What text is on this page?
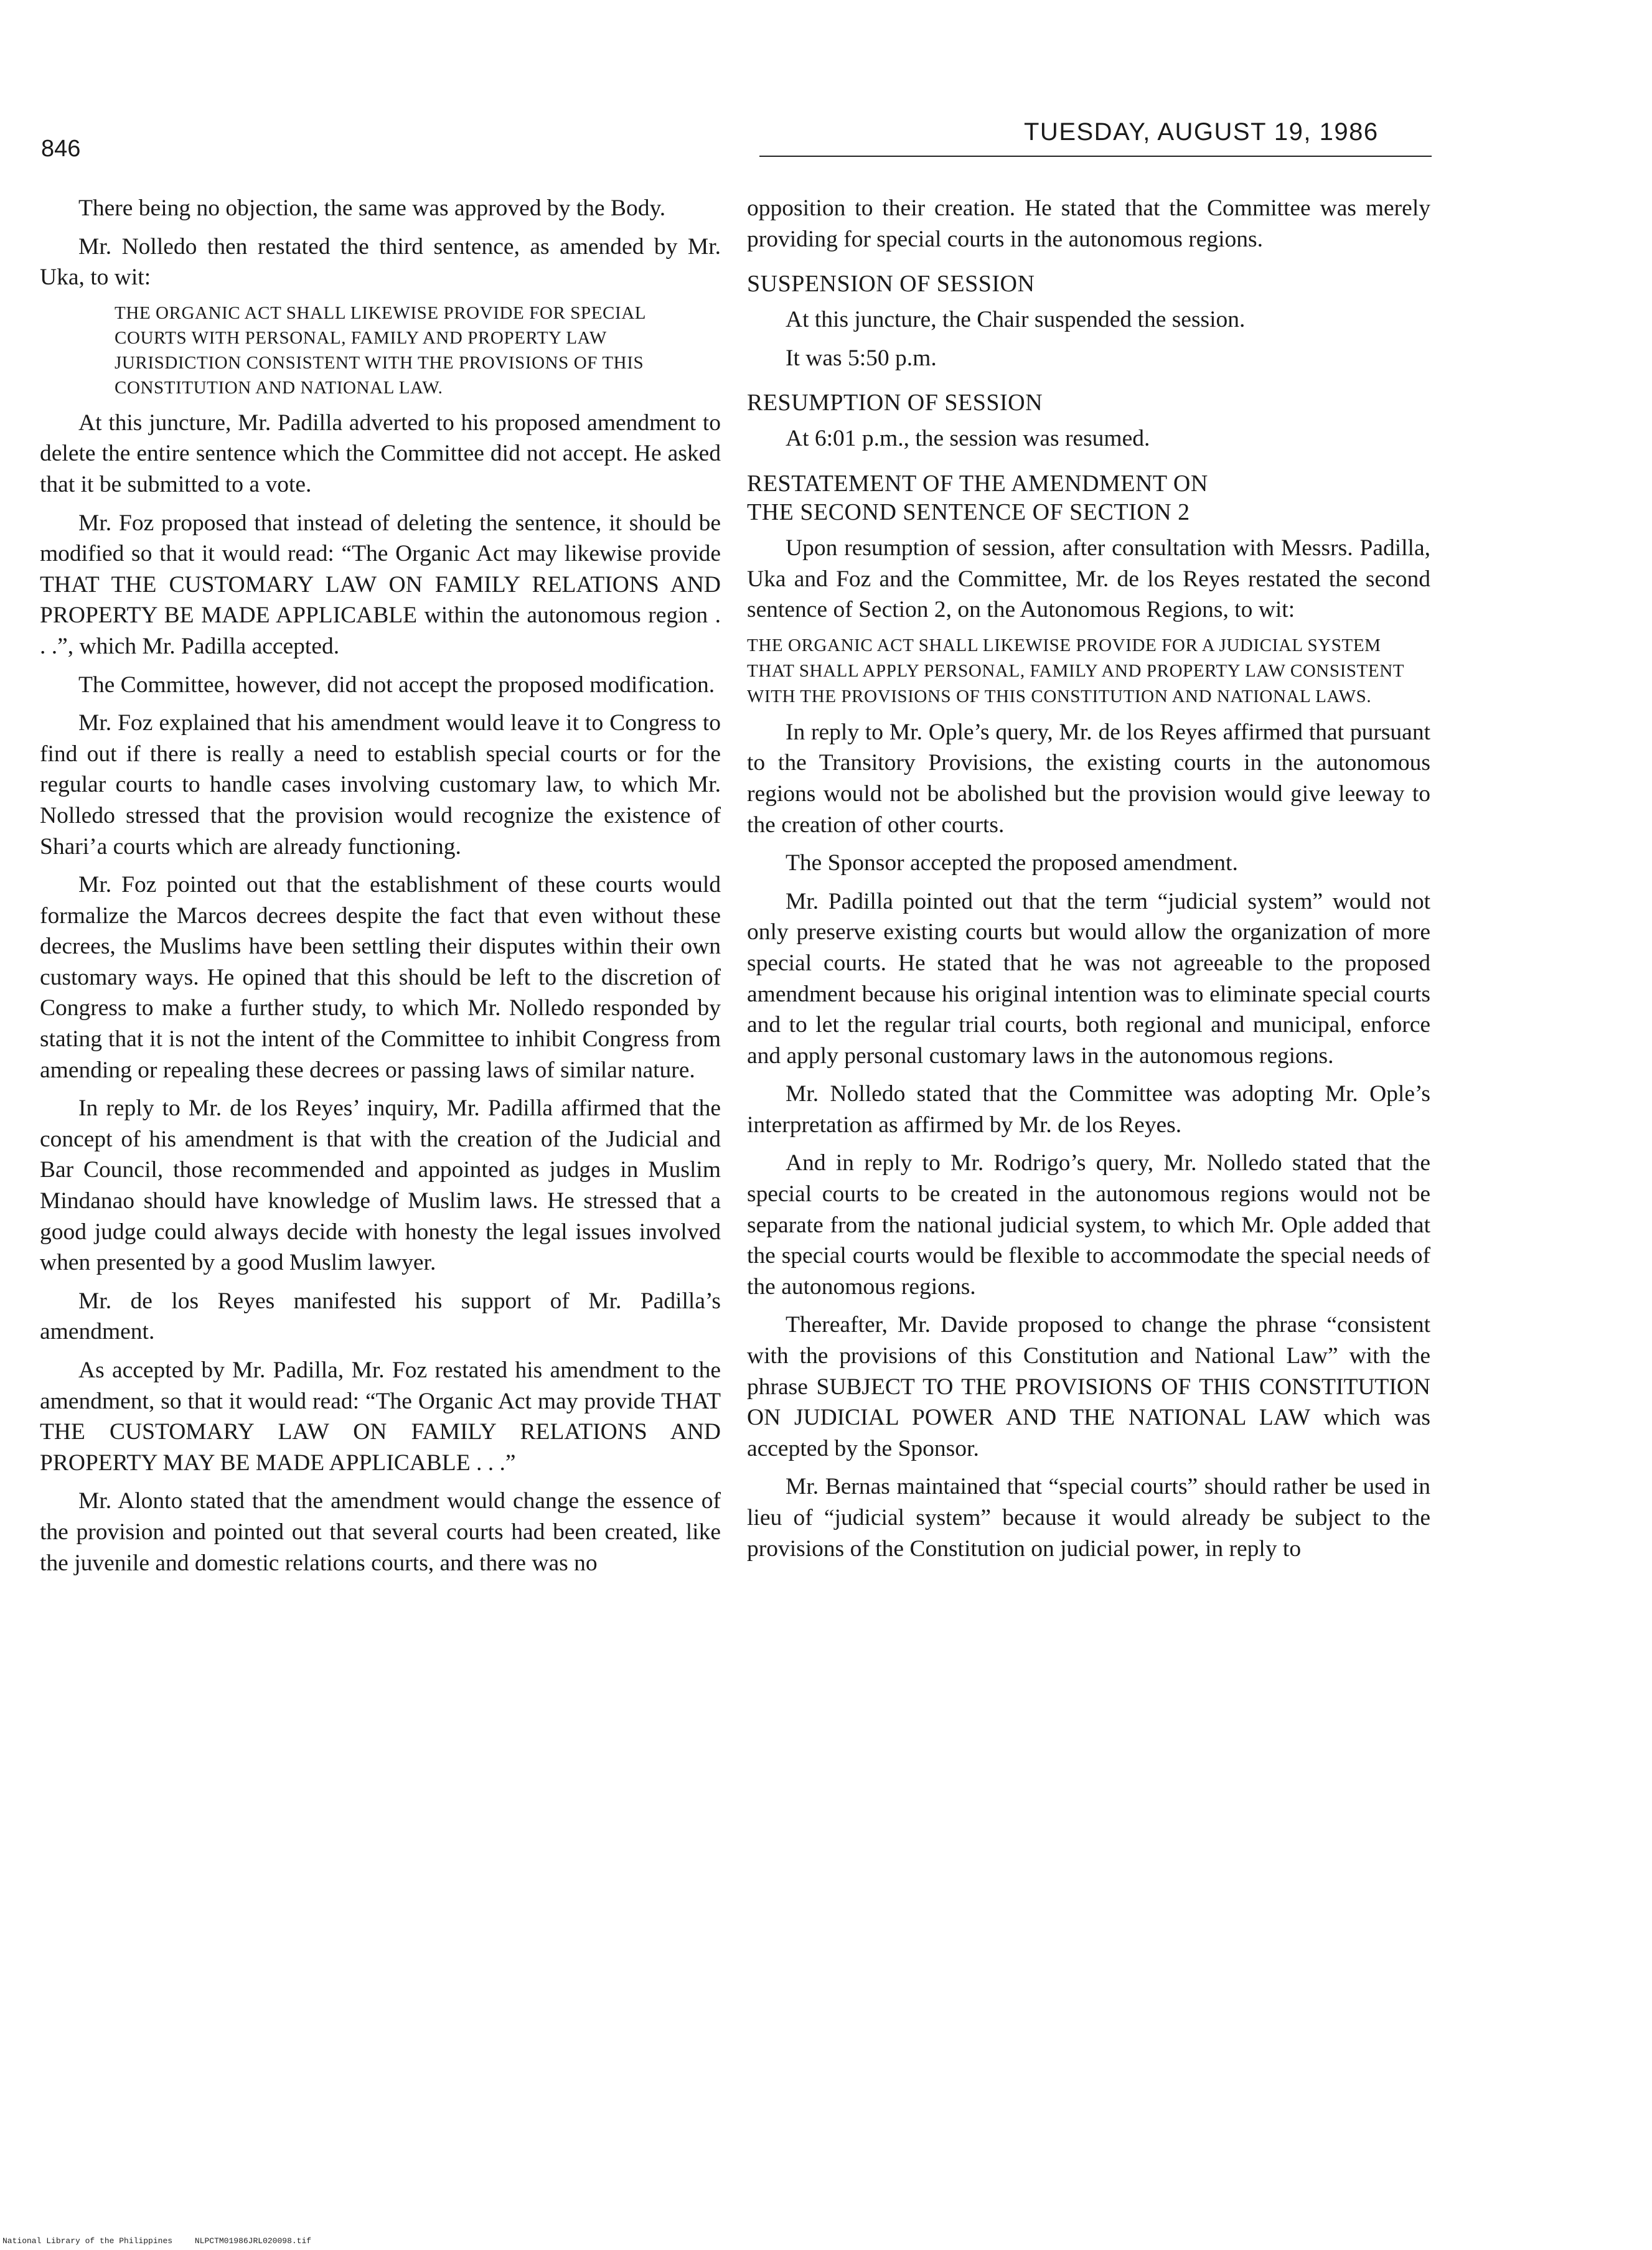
846
TUESDAY, AUGUST 19, 1986

There being no objection, the same was approved by the Body.

Mr. Nolledo then restated the third sentence, as amended by Mr. Uka, to wit:

THE ORGANIC ACT SHALL LIKEWISE PROVIDE FOR SPECIAL COURTS WITH PERSONAL, FAMILY AND PROPERTY LAW JURISDICTION CONSISTENT WITH THE PROVISIONS OF THIS CONSTITUTION AND NATIONAL LAW.

At this juncture, Mr. Padilla adverted to his proposed amendment to delete the entire sentence which the Committee did not accept. He asked that it be submitted to a vote.

Mr. Foz proposed that instead of deleting the sentence, it should be modified so that it would read: “The Organic Act may likewise provide THAT THE CUSTOMARY LAW ON FAMILY RELATIONS AND PROPERTY BE MADE APPLICABLE within the autonomous region . . .”, which Mr. Padilla accepted.

The Committee, however, did not accept the proposed modification.

Mr. Foz explained that his amendment would leave it to Congress to find out if there is really a need to establish special courts or for the regular courts to handle cases involving customary law, to which Mr. Nolledo stressed that the provision would recognize the existence of Shari’a courts which are already functioning.

Mr. Foz pointed out that the establishment of these courts would formalize the Marcos decrees despite the fact that even without these decrees, the Muslims have been settling their disputes within their own customary ways. He opined that this should be left to the discretion of Congress to make a further study, to which Mr. Nolledo responded by stating that it is not the intent of the Committee to inhibit Congress from amending or repealing these decrees or passing laws of similar nature.

In reply to Mr. de los Reyes’ inquiry, Mr. Padilla affirmed that the concept of his amendment is that with the creation of the Judicial and Bar Council, those recommended and appointed as judges in Muslim Mindanao should have knowledge of Muslim laws. He stressed that a good judge could always decide with honesty the legal issues involved when presented by a good Muslim lawyer.

Mr. de los Reyes manifested his support of Mr. Padilla’s amendment.

As accepted by Mr. Padilla, Mr. Foz restated his amendment to the amendment, so that it would read: “The Organic Act may provide THAT THE CUSTOMARY LAW ON FAMILY RELATIONS AND PROPERTY MAY BE MADE APPLICABLE . . .”

Mr. Alonto stated that the amendment would change the essence of the provision and pointed out that several courts had been created, like the juvenile and domestic relations courts, and there was no

opposition to their creation. He stated that the Committee was merely providing for special courts in the autonomous regions.

SUSPENSION OF SESSION

At this juncture, the Chair suspended the session.

It was 5:50 p.m.

RESUMPTION OF SESSION

At 6:01 p.m., the session was resumed.

RESTATEMENT OF THE AMENDMENT ON THE SECOND SENTENCE OF SECTION 2

Upon resumption of session, after consultation with Messrs. Padilla, Uka and Foz and the Committee, Mr. de los Reyes restated the second sentence of Section 2, on the Autonomous Regions, to wit:

THE ORGANIC ACT SHALL LIKEWISE PROVIDE FOR A JUDICIAL SYSTEM THAT SHALL APPLY PERSONAL, FAMILY AND PROPERTY LAW CONSISTENT WITH THE PROVISIONS OF THIS CONSTITUTION AND NATIONAL LAWS.

In reply to Mr. Ople’s query, Mr. de los Reyes affirmed that pursuant to the Transitory Provisions, the existing courts in the autonomous regions would not be abolished but the provision would give leeway to the creation of other courts.

The Sponsor accepted the proposed amendment.

Mr. Padilla pointed out that the term “judicial system” would not only preserve existing courts but would allow the organization of more special courts. He stated that he was not agreeable to the proposed amendment because his original intention was to eliminate special courts and to let the regular trial courts, both regional and municipal, enforce and apply personal customary laws in the autonomous regions.

Mr. Nolledo stated that the Committee was adopting Mr. Ople’s interpretation as affirmed by Mr. de los Reyes.

And in reply to Mr. Rodrigo’s query, Mr. Nolledo stated that the special courts to be created in the autonomous regions would not be separate from the national judicial system, to which Mr. Ople added that the special courts would be flexible to accommodate the special needs of the autonomous regions.

Thereafter, Mr. Davide proposed to change the phrase “consistent with the provisions of this Constitution and National Law” with the phrase SUBJECT TO THE PROVISIONS OF THIS CONSTITUTION ON JUDICIAL POWER AND THE NATIONAL LAW which was accepted by the Sponsor.

Mr. Bernas maintained that “special courts” should rather be used in lieu of “judicial system” because it would already be subject to the provisions of the Constitution on judicial power, in reply to

National Library of the Philippines	NLPCTM01986JRL020098.tif
